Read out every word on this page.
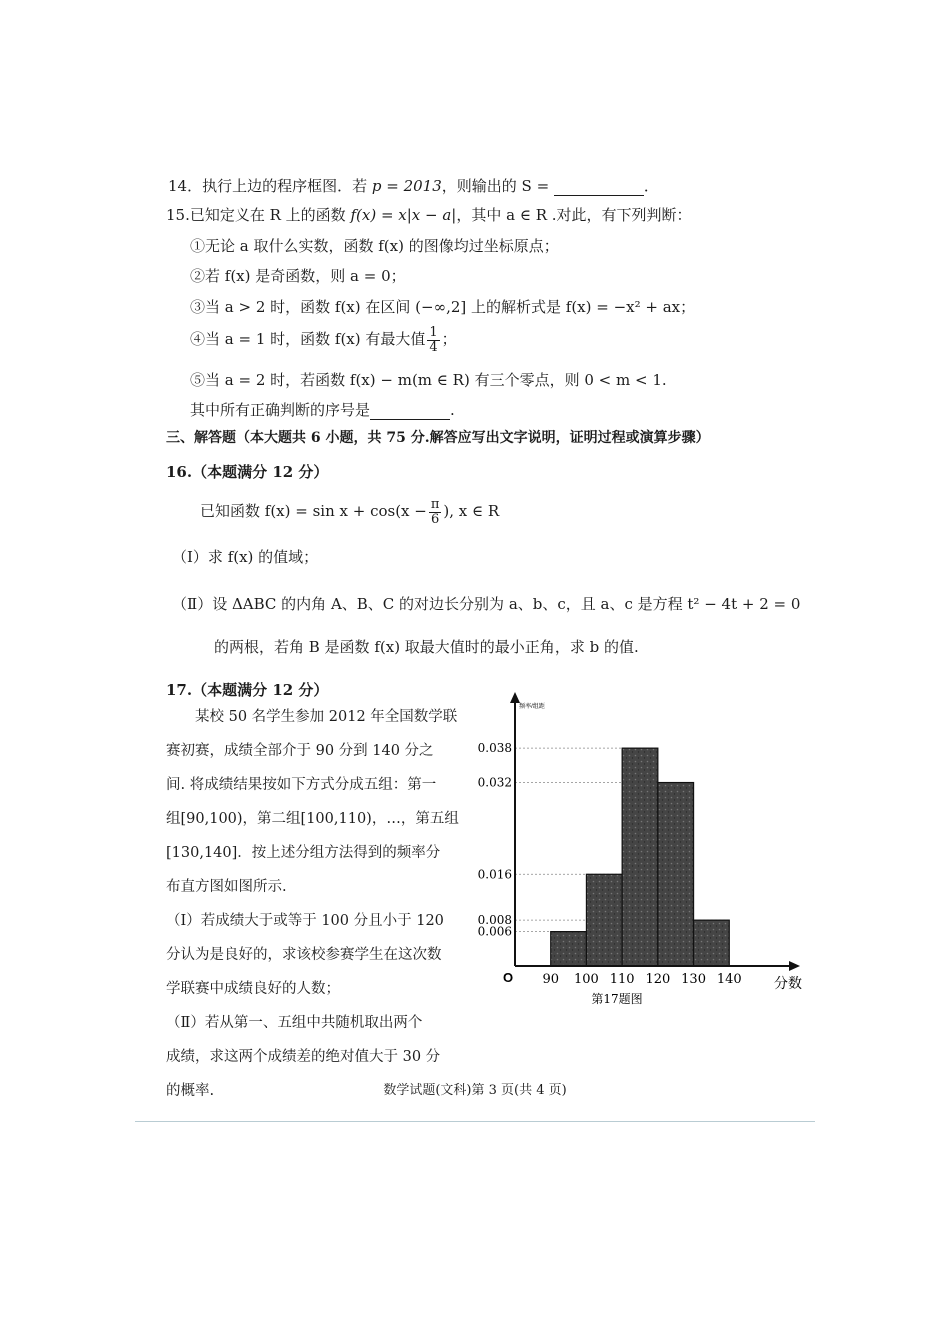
14．执行上边的程序框图．若 p = 2013，则输出的 S =	．
15.已知定义在 R 上的函数 f(x) = x|x − a|，其中 a ∈ R .对此，有下列判断：
①无论 a 取什么实数，函数 f(x) 的图像均过坐标原点；
②若 f(x) 是奇函数，则 a = 0；
③当 a > 2 时，函数 f(x) 在区间 (−∞,2] 上的解析式是 f(x) = −x² + ax；
④当 a = 1 时，函数 f(x) 有最大值 $\frac{1}{4}$ ；
⑤当 a = 2 时，若函数 f(x) − m(m ∈ R) 有三个零点，则 0 < m < 1.
其中所有正确判断的序号是	.
三、解答题（本大题共 6 小题，共 75 分.解答应写出文字说明，证明过程或演算步骤）
16.（本题满分 12 分）
已知函数 $f(x) = \sin x + \cos(x - \frac{\pi}{6}$ ), x ∈ R
（Ⅰ）求 f(x) 的值域；
（Ⅱ）设 ΔABC 的内角 A、B、C 的对边长分别为 a、b、c，且 a、c 是方程 t² − 4t + 2 = 0
的两根，若角 B 是函数 f(x) 取最大值时的最小正角，求 b 的值.
17.（本题满分 12 分）
　　某校 50 名学生参加 2012 年全国数学联
赛初赛，成绩全部介于 90 分到 140 分之
间. 将成绩结果按如下方式分成五组：第一
组[90,100)，第二组[100,110)，…，第五组
[130,140]．按上述分组方法得到的频率分
布直方图如图所示.
（Ⅰ）若成绩大于或等于 100 分且小于 120
分认为是良好的，求该校参赛学生在这次数
学联赛中成绩良好的人数；
（Ⅱ）若从第一、五组中共随机取出两个
成绩，求这两个成绩差的绝对值大于 30 分
的概率.
O
频率/组距
分数
第17题图
0.038
0.032
0.016
0.008
0.006
90 100 110 120 130 140
数学试题(文科)第 3 页(共 4 页)
